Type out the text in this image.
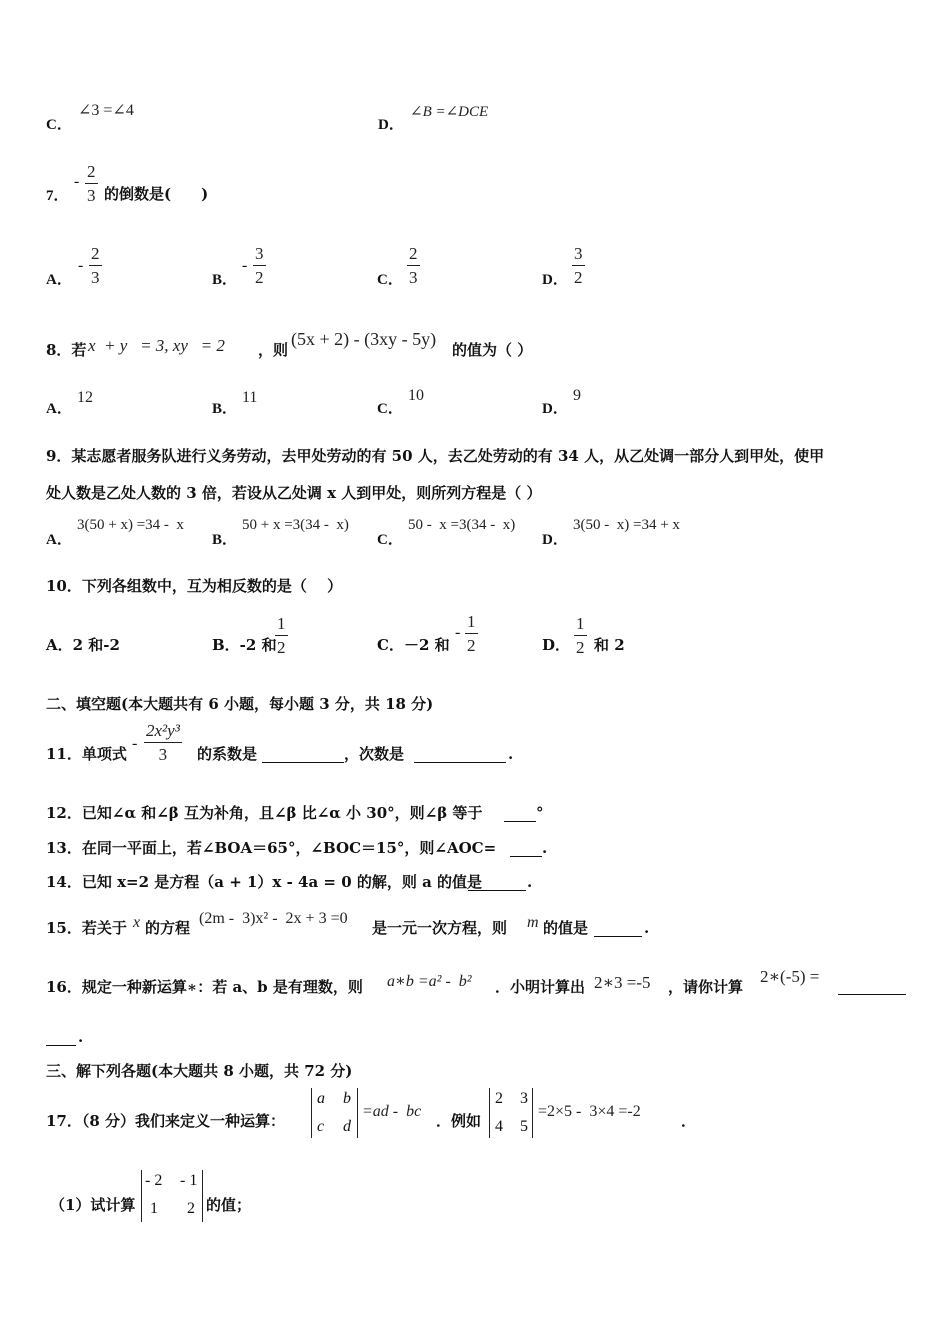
C．
∠3 =∠4
D．
∠B =∠DCE
7．
- $\frac{2}{3}$ 的倒数是(　　)
A．
- $\frac{2}{3}$	B．
- $\frac{3}{2}$	C． $\frac{2}{3}$	D． $\frac{3}{2}$
8．若 x  + y   = 3, xy   = 2 ，则
(5x + 2) - (3xy - 5y)
的值为（ ）
A．
12
B．
11
C．
10
D．
9
9．某志愿者服务队进行义务劳动，去甲处劳动的有 50 人，去乙处劳动的有 34 人，从乙处调一部分人到甲处，使甲
处人数是乙处人数的 3 倍，若设从乙处调 x 人到甲处，则所列方程是（ ）
A．
3(50 + x) =34 -  x
B．
50 + x =3(34 -  x)
C．
50 -  x =3(34 -  x)
D．
3(50 -  x) =34 + x
10．下列各组数中，互为相反数的是（　 ）
A．2 和-2	B．-2 和
$\frac{1}{2}$	C．－2 和
- $\frac{1}{2}$	D． $\frac{1}{2}$ 和 2
二、填空题(本大题共有 6 小题，每小题 3 分，共 18 分)
11．单项式
- $\frac{\text{2x²y³}}{3}$ 的系数是	，次数是	.
12．已知∠α 和∠β 互为补角，且∠β 比∠α 小 30°，则∠β 等于	°
13．在同一平面上，若∠BOA＝65°，∠BOC＝15°，则∠AOC=	.
14．已知 x=2 是方程（a + 1）x - 4a = 0 的解，则 a 的值是	.
15．若关于 x 的方程
(2m -  3)x² -  2x + 3 =0
是一元一次方程，则 m 的值是	.
16．规定一种新运算∗：若 a、b 是有理数，则 a∗b =a² -  b² ．小明计算出 2∗3 =-5 ，请你计算
2∗(-5) =
.
三、解下列各题(本大题共 8 小题，共 72 分)
17．（8 分）我们来定义一种运算：
a b
c d
=ad -  bc
．例如
2 3
4 5
=2×5 -  3×4 =-2
．
（1）试计算
- 2 - 1
1 2 的值；
